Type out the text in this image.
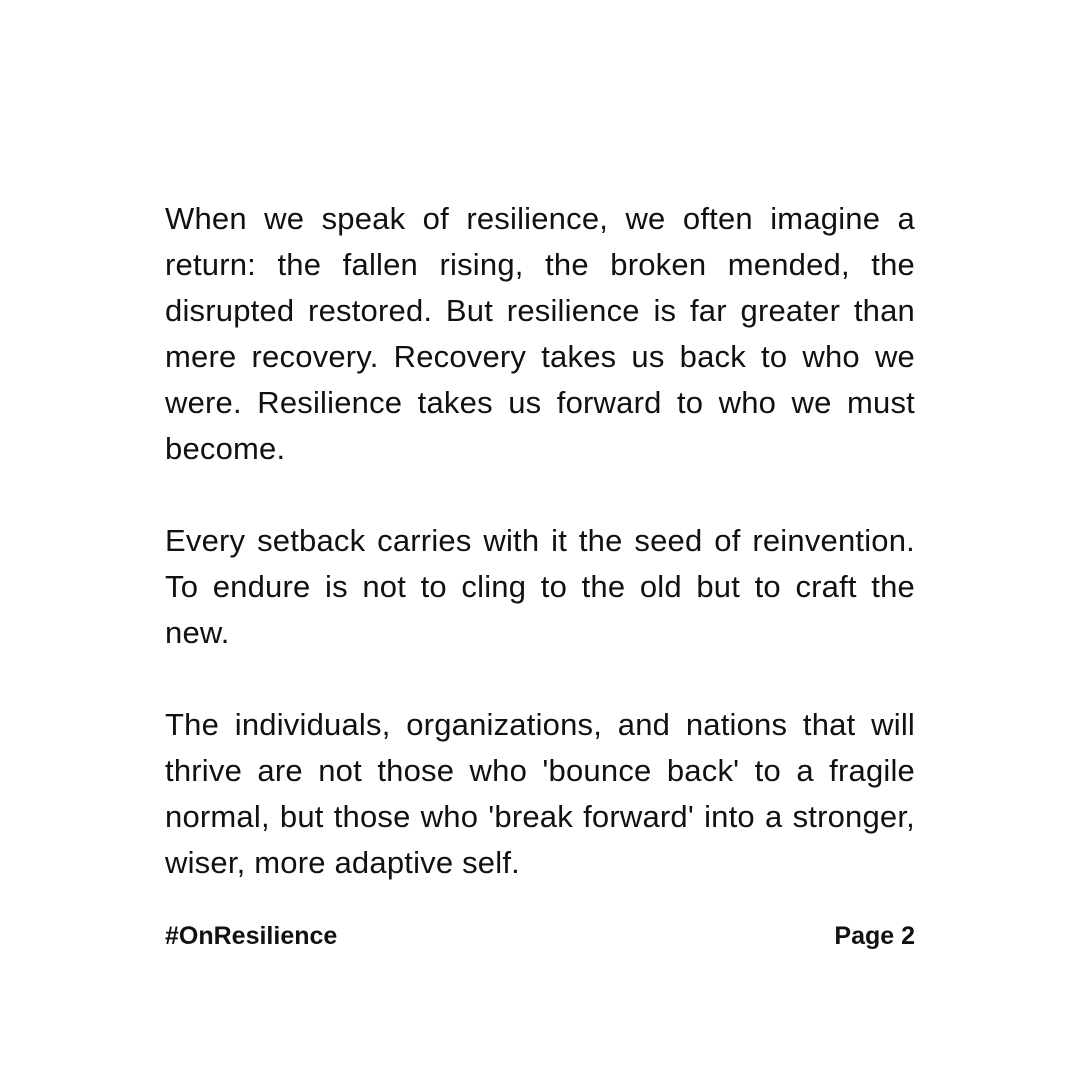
When we speak of resilience, we often imagine a return: the fallen rising, the broken mended, the disrupted restored. But resilience is far greater than mere recovery. Recovery takes us back to who we were. Resilience takes us forward to who we must become.

Every setback carries with it the seed of reinvention. To endure is not to cling to the old but to craft the new.

The individuals, organizations, and nations that will thrive are not those who 'bounce back' to a fragile normal, but those who 'break forward' into a stronger, wiser, more adaptive self.

#OnResilience	Page 2
